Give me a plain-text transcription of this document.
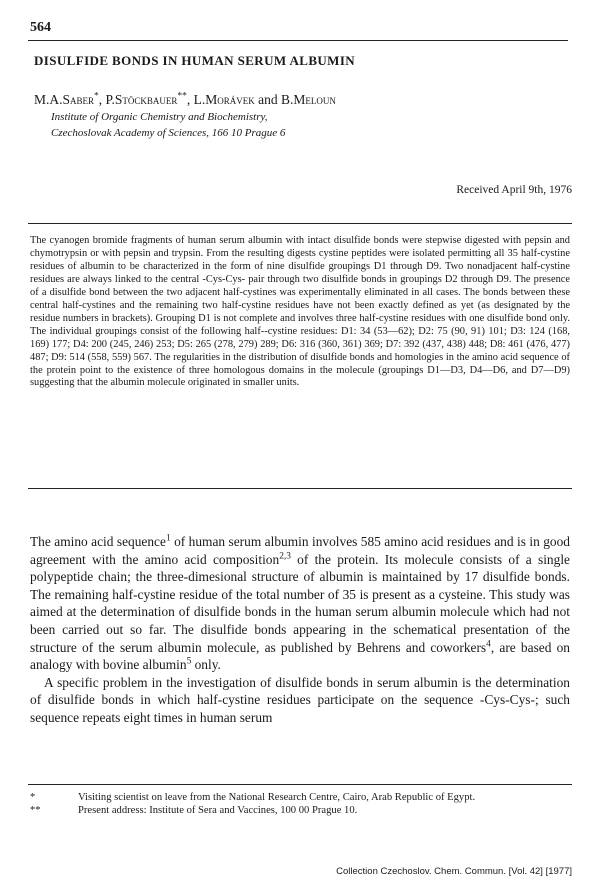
564
DISULFIDE BONDS IN HUMAN SERUM ALBUMIN
M.A.Saber*, P.Stöckbauer**, L.Morávek and B.Meloun
Institute of Organic Chemistry and Biochemistry,
Czechoslovak Academy of Sciences, 166 10 Prague 6
Received April 9th, 1976
The cyanogen bromide fragments of human serum albumin with intact disulfide bonds were stepwise digested with pepsin and chymotrypsin or with pepsin and trypsin. From the resulting digests cystine peptides were isolated permitting all 35 half-cystine residues of albumin to be characterized in the form of nine disulfide groupings D1 through D9. Two nonadjacent half-cystine residues are always linked to the central -Cys-Cys- pair through two disulfide bonds in groupings D2 through D9. The presence of a disulfide bond between the two adjacent half-cystines was experimentally eliminated in all cases. The bonds between these central half-cystines and the remaining two half-cystine residues have not been exactly defined as yet (as designated by the residue numbers in brackets). Grouping D1 is not complete and involves three half-cystine residues with one disulfide bond only. The individual groupings consist of the following half--cystine residues: D1: 34 (53—62); D2: 75 (90, 91) 101; D3: 124 (168, 169) 177; D4: 200 (245, 246) 253; D5: 265 (278, 279) 289; D6: 316 (360, 361) 369; D7: 392 (437, 438) 448; D8: 461 (476, 477) 487; D9: 514 (558, 559) 567. The regularities in the distribution of disulfide bonds and homologies in the amino acid sequence of the protein point to the existence of three homologous domains in the molecule (groupings D1—D3, D4—D6, and D7—D9) suggesting that the albumin molecule originated in smaller units.

The amino acid sequence$^1$ of human serum albumin involves 585 amino acid residues and is in good agreement with the amino acid composition$^{2,3}$ of the protein. Its molecule consists of a single polypeptide chain; the three-dimesional structure of albumin is maintained by 17 disulfide bonds. The remaining half-cystine residue of the total number of 35 is present as a cysteine. This study was aimed at the determination of disulfide bonds in the human serum albumin molecule which had not been carried out so far. The disulfide bonds appearing in the schematical presentation of the structure of the serum albumin molecule, as published by Behrens and coworkers$^4$, are based on analogy with bovine albumin$^5$ only.

A specific problem in the investigation of disulfide bonds in serum albumin is the determination of disulfide bonds in which half-cystine residues participate on the sequence -Cys-Cys-; such sequence repeats eight times in human serum

*	Visiting scientist on leave from the National Research Centre, Cairo, Arab Republic of Egypt.

**	Present address: Institute of Sera and Vaccines, 100 00 Prague 10.

Collection Czechoslov. Chem. Commun. [Vol. 42] [1977]
